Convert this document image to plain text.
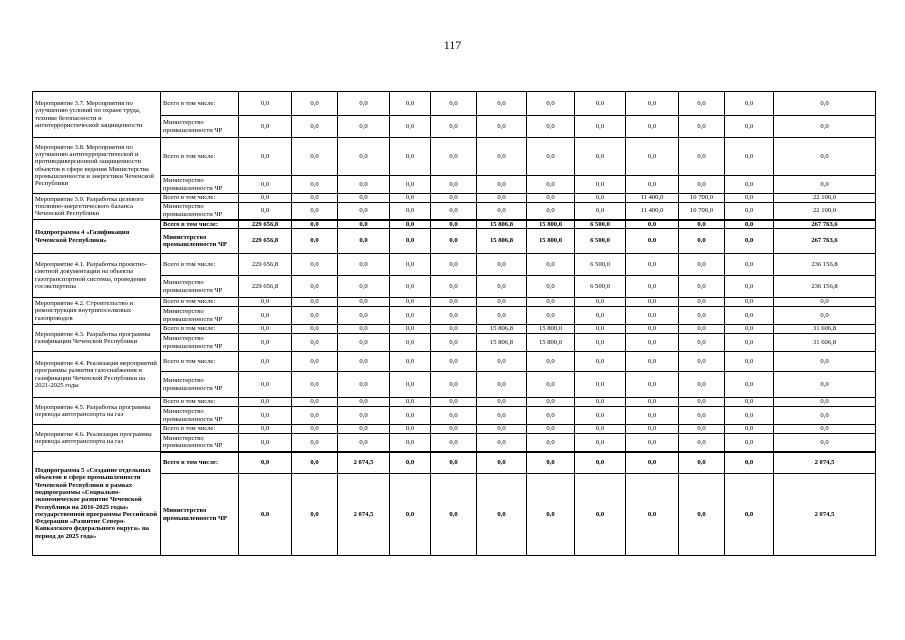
117
Мероприятие 3.7. Мероприятия по улучшению условий по охране труда, технике безопасности и антитеррористической защищенности	Всего в том числе:	0,0	0,0	0,0	0,0	0,0	0,0	0,0	0,0	0,0	0,0	0,0	0,0
	Министерство промышленности ЧР	0,0	0,0	0,0	0,0	0,0	0,0	0,0	0,0	0,0	0,0	0,0	0,0
Мероприятие 3.8. Мероприятия по улучшению антитеррористической и противодиверсионной защищенности объектов в сфере ведения Министерства промышленности и энергетики Чеченской Республики	Всего в том числе:	0,0	0,0	0,0	0,0	0,0	0,0	0,0	0,0	0,0	0,0	0,0	0,0
	Министерство промышленности ЧР	0,0	0,0	0,0	0,0	0,0	0,0	0,0	0,0	0,0	0,0	0,0	0,0
Мероприятие 3.9. Разработка целевого топливно-энергетического баланса Чеченской Республики	Всего в том числе:	0,0	0,0	0,0	0,0	0,0	0,0	0,0	0,0	11 400,0	10 700,0	0,0	22 100,0
	Министерство промышленности ЧР	0,0	0,0	0,0	0,0	0,0	0,0	0,0	0,0	11 400,0	10 700,0	0,0	22 100,0
Подпрограмма 4 «Газификация Чеченской Республики»	Всего в том числе:	229 656,8	0,0	0,0	0,0	0,0	15 806,8	15 800,0	6 500,0	0,0	0,0	0,0	267 763,6
	Министерство промышленности ЧР	229 656,8	0,0	0,0	0,0	0,0	15 806,8	15 800,0	6 500,0	0,0	0,0	0,0	267 763,6
Мероприятие 4.1. Разработка проектно-сметной документации на объекты газотранспортной системы, проведение госэкспертизы	Всего в том числе:	229 656,8	0,0	0,0	0,0	0,0	0,0	0,0	6 500,0	0,0	0,0	0,0	236 156,8
	Министерство промышленности ЧР	229 656,8	0,0	0,0	0,0	0,0	0,0	0,0	6 500,0	0,0	0,0	0,0	236 156,8
Мероприятие 4.2. Строительство и реконструкция внутрипоселковых газопроводов	Всего в том числе:	0,0	0,0	0,0	0,0	0,0	0,0	0,0	0,0	0,0	0,0	0,0	0,0
	Министерство промышленности ЧР	0,0	0,0	0,0	0,0	0,0	0,0	0,0	0,0	0,0	0,0	0,0	0,0
Мероприятие 4.3. Разработка программы газификации Чеченской Республики	Всего в том числе:	0,0	0,0	0,0	0,0	0,0	15 806,8	15 800,0	0,0	0,0	0,0	0,0	31 606,8
	Министерство промышленности ЧР	0,0	0,0	0,0	0,0	0,0	15 806,8	15 800,0	0,0	0,0	0,0	0,0	31 606,8
Мероприятие 4.4. Реализация мероприятий программы развития газоснабжения и газификации Чеченской Республики на 2021-2025 годы	Всего в том числе:	0,0	0,0	0,0	0,0	0,0	0,0	0,0	0,0	0,0	0,0	0,0	0,0
	Министерство промышленности ЧР	0,0	0,0	0,0	0,0	0,0	0,0	0,0	0,0	0,0	0,0	0,0	0,0
Мероприятие 4.5. Разработка программы перевода автотранспорта на газ	Всего в том числе:	0,0	0,0	0,0	0,0	0,0	0,0	0,0	0,0	0,0	0,0	0,0	0,0
	Министерство промышленности ЧР	0,0	0,0	0,0	0,0	0,0	0,0	0,0	0,0	0,0	0,0	0,0	0,0
Мероприятие 4.6. Реализация программы перевода автотранспорта на газ	Всего в том числе:	0,0	0,0	0,0	0,0	0,0	0,0	0,0	0,0	0,0	0,0	0,0	0,0
	Министерство промышленности ЧР	0,0	0,0	0,0	0,0	0,0	0,0	0,0	0,0	0,0	0,0	0,0	0,0
Подпрограмма 5 «Создание отдельных объектов в сфере промышленности Чеченской Республики в рамках подпрограммы «Социально-экономическое развитие Чеченской Республики на 2016-2025 годы» государственной программы Российской Федерации «Развитие Северо-Кавказского федерального округа» на период до 2025 года»	Всего в том числе:	0,0	0,0	2 074,5	0,0	0,0	0,0	0,0	0,0	0,0	0,0	0,0	2 074,5
	Министерство промышленности ЧР	0,0	0,0	2 074,5	0,0	0,0	0,0	0,0	0,0	0,0	0,0	0,0	2 074,5
